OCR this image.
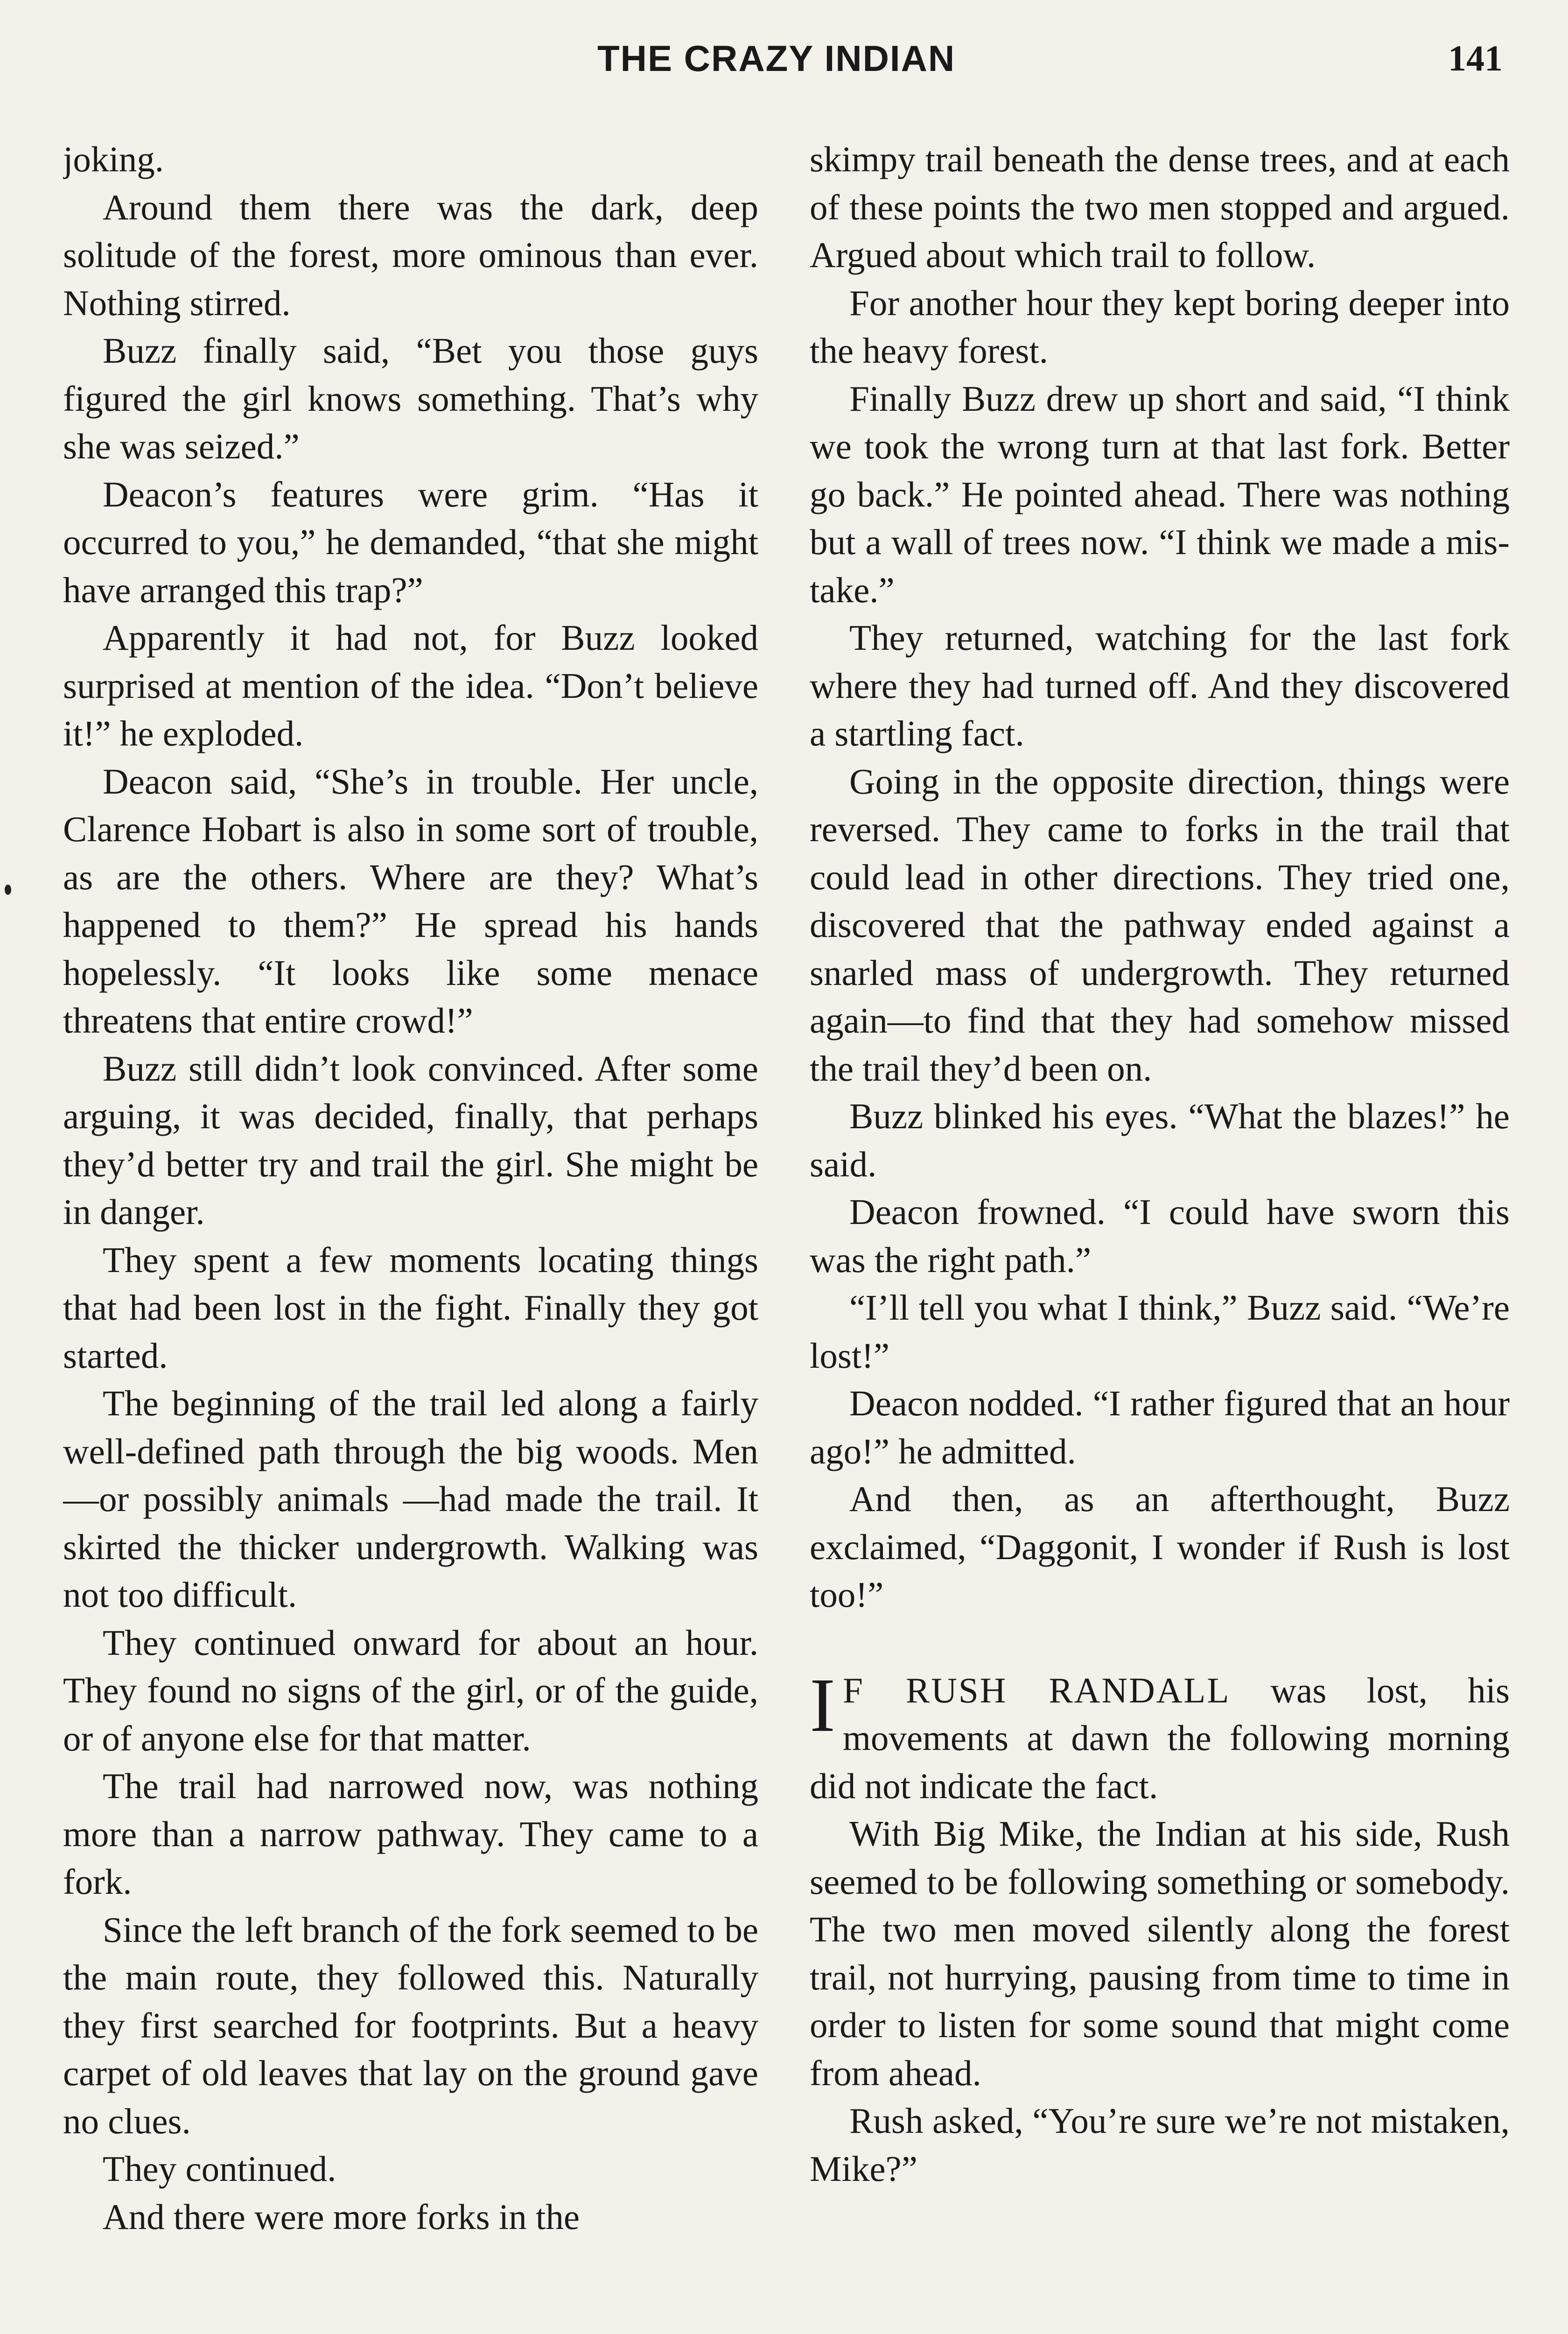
THE CRAZY INDIAN	141

joking.

Around them there was the dark, deep solitude of the forest, more ominous than ever. Nothing stirred.

Buzz finally said, “Bet you those guys figured the girl knows something. That’s why she was seized.”

Deacon’s features were grim. “Has it occurred to you,” he demanded, “that she might have arranged this trap?”

Apparently it had not, for Buzz looked surprised at mention of the idea. “Don’t believe it!” he exploded.

Deacon said, “She’s in trouble. Her uncle, Clarence Hobart is also in some sort of trouble, as are the others. Where are they? What’s happened to them?” He spread his hands hopelessly. “It looks like some menace threatens that entire crowd!”

Buzz still didn’t look convinced. After some arguing, it was decided, finally, that perhaps they’d better try and trail the girl. She might be in danger.

They spent a few moments locating things that had been lost in the fight. Finally they got started.

The beginning of the trail led along a fairly well-defined path through the big woods. Men—or possibly animals —had made the trail. It skirted the thicker undergrowth. Walking was not too difficult.

They continued onward for about an hour. They found no signs of the girl, or of the guide, or of anyone else for that matter.

The trail had narrowed now, was nothing more than a narrow pathway. They came to a fork.

Since the left branch of the fork seemed to be the main route, they followed this. Naturally they first searched for footprints. But a heavy carpet of old leaves that lay on the ground gave no clues.

They continued.

And there were more forks in the

skimpy trail beneath the dense trees, and at each of these points the two men stopped and argued. Argued about which trail to follow.

For another hour they kept boring deeper into the heavy forest.

Finally Buzz drew up short and said, “I think we took the wrong turn at that last fork. Better go back.” He pointed ahead. There was nothing but a wall of trees now. “I think we made a mistake.”

They returned, watching for the last fork where they had turned off. And they discovered a startling fact.

Going in the opposite direction, things were reversed. They came to forks in the trail that could lead in other directions. They tried one, discovered that the pathway ended against a snarled mass of undergrowth. They returned again—to find that they had somehow missed the trail they’d been on.

Buzz blinked his eyes. “What the blazes!” he said.

Deacon frowned. “I could have sworn this was the right path.”

“I’ll tell you what I think,” Buzz said. “We’re lost!”

Deacon nodded. “I rather figured that an hour ago!” he admitted.

And then, as an afterthought, Buzz exclaimed, “Daggonit, I wonder if Rush is lost too!”

I F RUSH RANDALL was lost, his movements at dawn the following morning did not indicate the fact.

With Big Mike, the Indian at his side, Rush seemed to be following something or somebody. The two men moved silently along the forest trail, not hurrying, pausing from time to time in order to listen for some sound that might come from ahead.

Rush asked, “You’re sure we’re not mistaken, Mike?”
